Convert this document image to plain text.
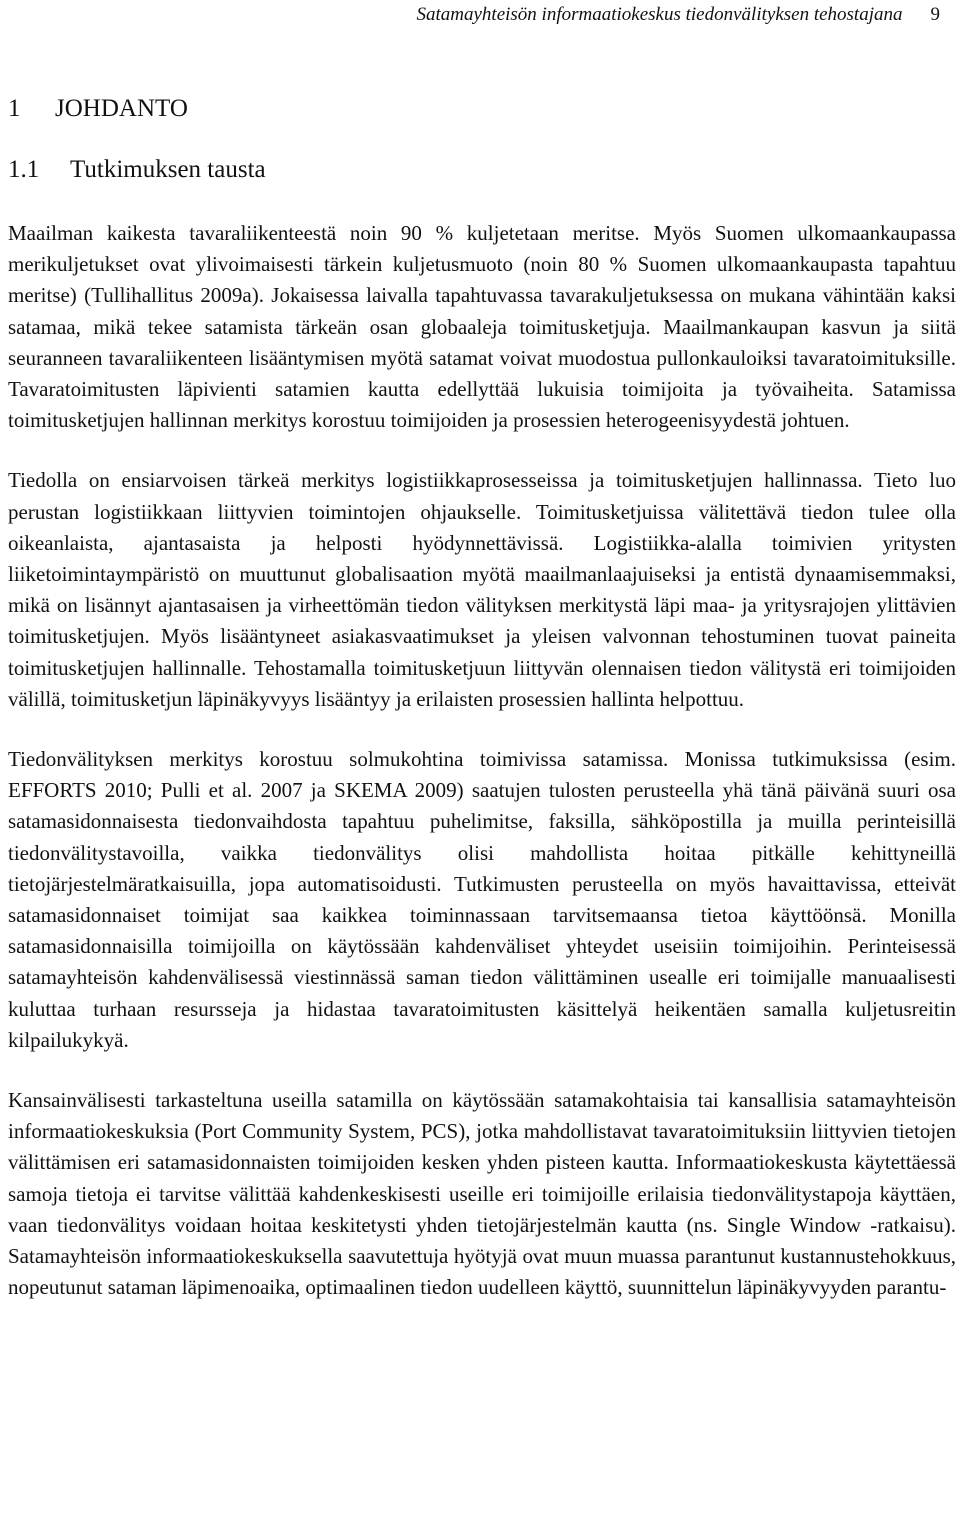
Satamayhteisön informaatiokeskus tiedonvälityksen tehostajana 9
1 JOHDANTO
1.1 Tutkimuksen tausta

Maailman kaikesta tavaraliikenteestä noin 90 % kuljetetaan meritse. Myös Suomen ulkomaankaupassa merikuljetukset ovat ylivoimaisesti tärkein kuljetusmuoto (noin 80 % Suomen ulkomaankaupasta tapahtuu meritse) (Tullihallitus 2009a). Jokaisessa laivalla tapahtuvassa tavarakuljetuksessa on mukana vähintään kaksi satamaa, mikä tekee satamista tärkeän osan globaaleja toimitusketjuja. Maailmankaupan kasvun ja siitä seuranneen tavaraliikenteen lisääntymisen myötä satamat voivat muodostua pullonkauloiksi tavaratoimituksille. Tavaratoimitusten läpivienti satamien kautta edellyttää lukuisia toimijoita ja työvaiheita. Satamissa toimitusketjujen hallinnan merkitys korostuu toimijoiden ja prosessien heterogeenisyydestä johtuen.

Tiedolla on ensiarvoisen tärkeä merkitys logistiikkaprosesseissa ja toimitusketjujen hallinnassa. Tieto luo perustan logistiikkaan liittyvien toimintojen ohjaukselle. Toimitusketjuissa välitettävä tiedon tulee olla oikeanlaista, ajantasaista ja helposti hyödynnettävissä. Logistiikka-alalla toimivien yritysten liiketoimintaympäristö on muuttunut globalisaation myötä maailmanlaajuiseksi ja entistä dynaamisemmaksi, mikä on lisännyt ajantasaisen ja virheettömän tiedon välityksen merkitystä läpi maa- ja yritysrajojen ylittävien toimitusketjujen. Myös lisääntyneet asiakasvaatimukset ja yleisen valvonnan tehostuminen tuovat paineita toimitusketjujen hallinnalle. Tehostamalla toimitusketjuun liittyvän olennaisen tiedon välitystä eri toimijoiden välillä, toimitusketjun läpinäkyvyys lisääntyy ja erilaisten prosessien hallinta helpottuu.

Tiedonvälityksen merkitys korostuu solmukohtina toimivissa satamissa. Monissa tutkimuksissa (esim. EFFORTS 2010; Pulli et al. 2007 ja SKEMA 2009) saatujen tulosten perusteella yhä tänä päivänä suuri osa satamasidonnaisesta tiedonvaihdosta tapahtuu puhelimitse, faksilla, sähköpostilla ja muilla perinteisillä tiedonvälitystavoilla, vaikka tiedonvälitys olisi mahdollista hoitaa pitkälle kehittyneillä tietojärjestelmäratkaisuilla, jopa automatisoidusti. Tutkimusten perusteella on myös havaittavissa, etteivät satamasidonnaiset toimijat saa kaikkea toiminnassaan tarvitsemaansa tietoa käyttöönsä. Monilla satamasidonnaisilla toimijoilla on käytössään kahdenväliset yhteydet useisiin toimijoihin. Perinteisessä satamayhteisön kahdenvälisessä viestinnässä saman tiedon välittäminen usealle eri toimijalle manuaalisesti kuluttaa turhaan resursseja ja hidastaa tavaratoimitusten käsittelyä heikentäen samalla kuljetusreitin kilpailukykyä.

Kansainvälisesti tarkasteltuna useilla satamilla on käytössään satamakohtaisia tai kansallisia satamayhteisön informaatiokeskuksia (Port Community System, PCS), jotka mahdollistavat tavaratoimituksiin liittyvien tietojen välittämisen eri satamasidonnaisten toimijoiden kesken yhden pisteen kautta. Informaatiokeskusta käytettäessä samoja tietoja ei tarvitse välittää kahdenkeskisesti useille eri toimijoille erilaisia tiedonvälitystapoja käyttäen, vaan tiedonvälitys voidaan hoitaa keskitetysti yhden tietojärjestelmän kautta (ns. Single Window -ratkaisu). Satamayhteisön informaatiokeskuksella saavutettuja hyötyjä ovat muun muassa parantunut kustannustehokkuus, nopeutunut sataman läpimenoaika, optimaalinen tiedon uudelleen käyttö, suunnittelun läpinäkyvyyden parantu-
